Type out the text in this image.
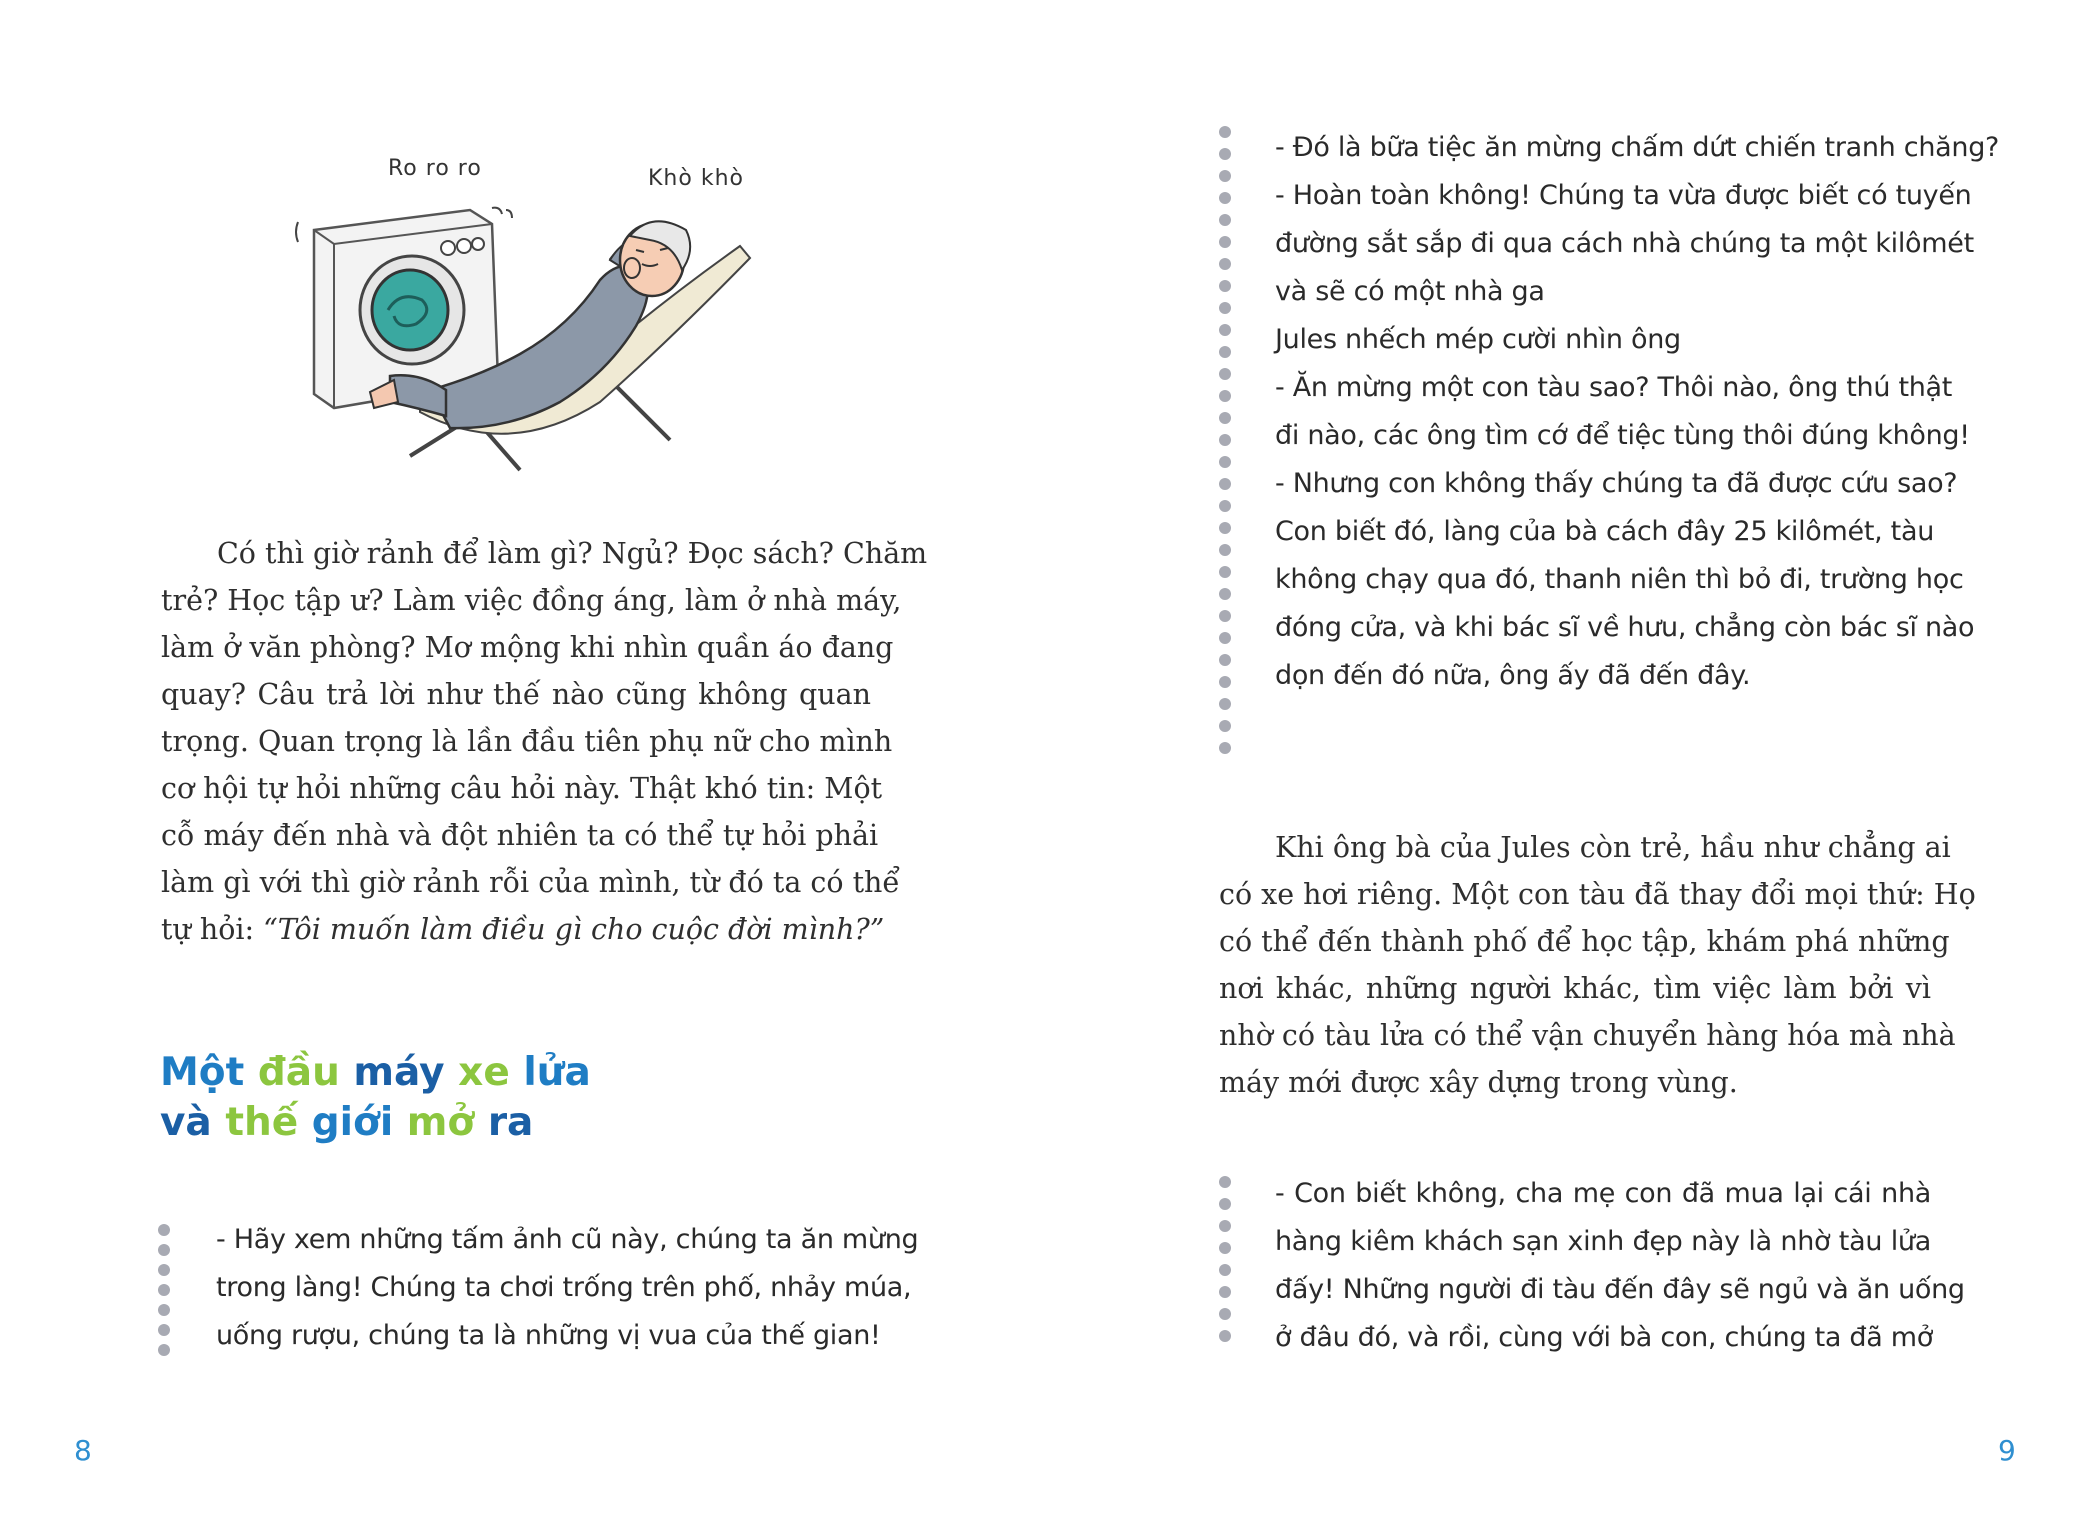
Ro ro ro	Khò khò

Có thì giờ rảnh để làm gì? Ngủ? Đọc sách? Chăm
trẻ? Học tập ư? Làm việc đồng áng, làm ở nhà máy,
làm ở văn phòng? Mơ mộng khi nhìn quần áo đang
quay? Câu trả lời như thế nào cũng không quan
trọng. Quan trọng là lần đầu tiên phụ nữ cho mình
cơ hội tự hỏi những câu hỏi này. Thật khó tin: Một
cỗ máy đến nhà và đột nhiên ta có thể tự hỏi phải
làm gì với thì giờ rảnh rỗi của mình, từ đó ta có thể
tự hỏi: “Tôi muốn làm điều gì cho cuộc đời mình?”

Một đầu máy xe lửa
và thế giới mở ra

- Hãy xem những tấm ảnh cũ này, chúng ta ăn mừng
trong làng! Chúng ta chơi trống trên phố, nhảy múa,
uống rượu, chúng ta là những vị vua của thế gian!

8

- Đó là bữa tiệc ăn mừng chấm dứt chiến tranh chăng?
- Hoàn toàn không! Chúng ta vừa được biết có tuyến
đường sắt sắp đi qua cách nhà chúng ta một kilômét
và sẽ có một nhà ga
Jules nhếch mép cười nhìn ông
- Ăn mừng một con tàu sao? Thôi nào, ông thú thật
đi nào, các ông tìm cớ để tiệc tùng thôi đúng không!
- Nhưng con không thấy chúng ta đã được cứu sao?
Con biết đó, làng của bà cách đây 25 kilômét, tàu
không chạy qua đó, thanh niên thì bỏ đi, trường học
đóng cửa, và khi bác sĩ về hưu, chẳng còn bác sĩ nào
dọn đến đó nữa, ông ấy đã đến đây.

Khi ông bà của Jules còn trẻ, hầu như chẳng ai
có xe hơi riêng. Một con tàu đã thay đổi mọi thứ: Họ
có thể đến thành phố để học tập, khám phá những
nơi khác, những người khác, tìm việc làm bởi vì
nhờ có tàu lửa có thể vận chuyển hàng hóa mà nhà
máy mới được xây dựng trong vùng.

- Con biết không, cha mẹ con đã mua lại cái nhà
hàng kiêm khách sạn xinh đẹp này là nhờ tàu lửa
đấy! Những người đi tàu đến đây sẽ ngủ và ăn uống
ở đâu đó, và rồi, cùng với bà con, chúng ta đã mở

9
